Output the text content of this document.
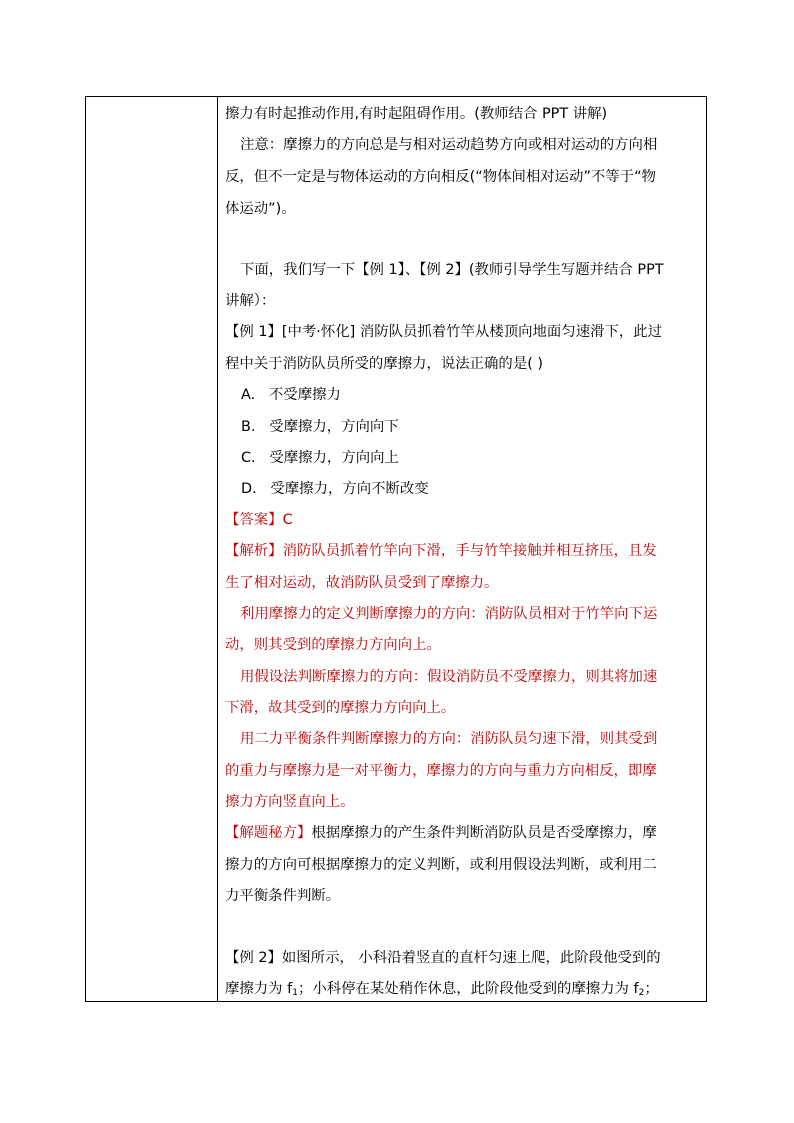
擦力有时起推动作用,有时起阻碍作用。(教师结合 PPT 讲解)
注意：摩擦力的方向总是与相对运动趋势方向或相对运动的方向相
反，但不一定是与物体运动的方向相反(“物体间相对运动”不等于“物
体运动”)。
下面，我们写一下【例 1】、【例 2】(教师引导学生写题并结合 PPT
讲解）：
【例 1】[中考·怀化] 消防队员抓着竹竿从楼顶向地面匀速滑下，此过
程中关于消防队员所受的摩擦力，说法正确的是( )
A. 不受摩擦力
B. 受摩擦力，方向向下
C. 受摩擦力，方向向上
D. 受摩擦力，方向不断改变
【答案】C
【解析】消防队员抓着竹竿向下滑，手与竹竿接触并相互挤压，且发
生了相对运动，故消防队员受到了摩擦力。
利用摩擦力的定义判断摩擦力的方向：消防队员相对于竹竿向下运
动，则其受到的摩擦力方向向上。
用假设法判断摩擦力的方向：假设消防员不受摩擦力，则其将加速
下滑，故其受到的摩擦力方向向上。
用二力平衡条件判断摩擦力的方向：消防队员匀速下滑，则其受到
的重力与摩擦力是一对平衡力，摩擦力的方向与重力方向相反，即摩
擦力方向竖直向上。
【解题秘方】根据摩擦力的产生条件判断消防队员是否受摩擦力，摩
擦力的方向可根据摩擦力的定义判断，或利用假设法判断，或利用二
力平衡条件判断。
【例 2】如图所示， 小科沿着竖直的直杆匀速上爬，此阶段他受到的
摩擦力为 $f_1$；小科停在某处稍作休息，此阶段他受到的摩擦力为 $f_2$；
